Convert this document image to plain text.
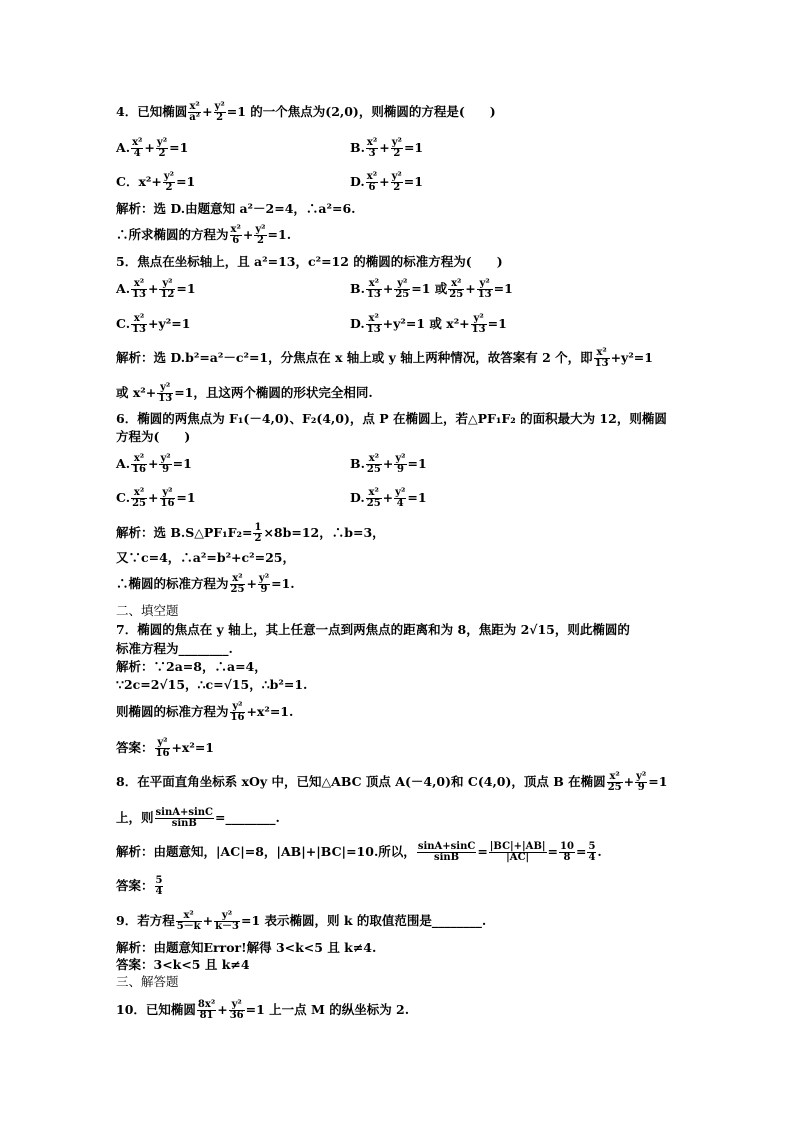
4．已知椭圆 $\frac{\text{x²}}{\text{a²}} + \frac{\text{y²}}{2} =1$ 的一个焦点为(2,0)，则椭圆的方程是(　　)
A. $\frac{\text{x²}}{4} + \frac{\text{y²}}{2} =1$	B. $\frac{\text{x²}}{3} + \frac{\text{y²}}{2} =1$
C．$x^2+ \frac{\text{y²}}{2} =1$	D. $\frac{\text{x²}}{6} + \frac{\text{y²}}{2} =1$
解析：选 D.由题意知 a²－2=4，∴a²=6.
∴所求椭圆的方程为 $\frac{\text{x²}}{6} + \frac{\text{y²}}{2} =1$.
5．焦点在坐标轴上，且 a²=13，c²=12 的椭圆的标准方程为(　　)
A. $\frac{\text{x²}}{13} + \frac{\text{y²}}{12} =1$	B. $\frac{\text{x²}}{13} + \frac{\text{y²}}{25} =1$ 或 $\frac{\text{x²}}{25} + \frac{\text{y²}}{13} =1$
C. $\frac{\text{x²}}{13} +y^2=1$	D. $\frac{\text{x²}}{13} +y^2=1$ 或 $x^2+ \frac{\text{y²}}{13} =1$
解析：选 D.b²=a²－c²=1，分焦点在 x 轴上或 y 轴上两种情况，故答案有 2 个，即 $\frac{\text{x²}}{13} +y^2=1$
或 $x^2+ \frac{\text{y²}}{13} =1$，且这两个椭圆的形状完全相同.
6．椭圆的两焦点为 F₁(－4,0)、F₂(4,0)，点 P 在椭圆上，若△PF₁F₂ 的面积最大为 12，则椭圆
方程为(　　)
A. $\frac{\text{x²}}{16} + \frac{\text{y²}}{9} =1$	B. $\frac{\text{x²}}{25} + \frac{\text{y²}}{9} =1$
C. $\frac{\text{x²}}{25} + \frac{\text{y²}}{16} =1$	D. $\frac{\text{x²}}{25} + \frac{\text{y²}}{4} =1$
解析：选 B.S△PF₁F₂= $\frac{1}{2} \times 8b=12$，∴b=3，
又∵c=4，∴a²=b²+c²=25，
∴椭圆的标准方程为 $\frac{\text{x²}}{25} + \frac{\text{y²}}{9} =1$.
二、填空题
7．椭圆的焦点在 y 轴上，其上任意一点到两焦点的距离和为 8，焦距为 2√15，则此椭圆的
标准方程为________.
解析：∵2a=8，∴a=4，
∵2c=2√15，∴c=√15，∴b²=1.
则椭圆的标准方程为 $\frac{\text{y²}}{16} +x^2=1$.
答案： $\frac{\text{y²}}{16} +x^2=1$
8．在平面直角坐标系 xOy 中，已知△ABC 顶点 A(－4,0)和 C(4,0)，顶点 B 在椭圆 $\frac{\text{x²}}{25} + \frac{\text{y²}}{9} =1$
上，则 $\frac{\sin A+\sin C}{\sin B}$ =________.
解析：由题意知，|AC|=8，|AB|+|BC|=10.所以， $\frac{\sin A+\sin C}{\sin B} = \frac{|BC|+|AB|}{|AC|} = \frac{10}{8} = \frac{5}{4}$ .
答案： $\frac{5}{4}$
9．若方程 $\frac{\text{x²}}{5-k} + \frac{\text{y²}}{k-3} =1$ 表示椭圆，则 k 的取值范围是________.
解析：由题意知Error!解得 3<k<5 且 k≠4.
答案：3<k<5 且 k≠4
三、解答题
10．已知椭圆 $\frac{\text{8x²}}{81} + \frac{\text{y²}}{36} =1$ 上一点 M 的纵坐标为 2.
